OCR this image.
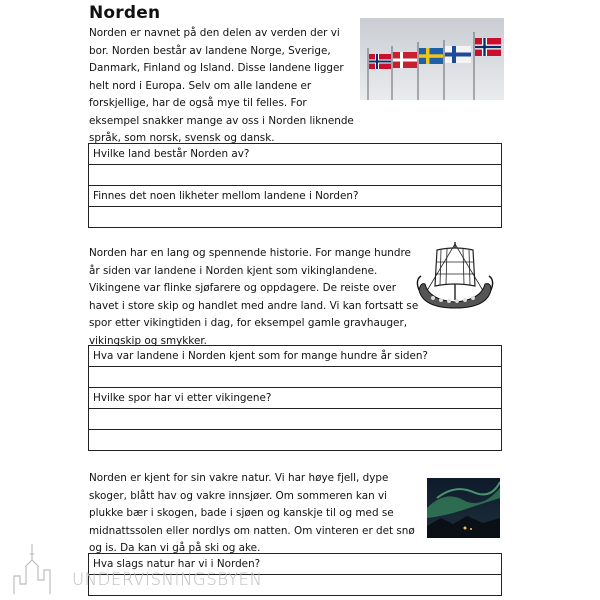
Norden

Norden er navnet på den delen av verden der vi bor. Norden består av landene Norge, Sverige, Danmark, Finland og Island. Disse landene ligger helt nord i Europa. Selv om alle landene er forskjellige, har de også mye til felles. For eksempel snakker mange av oss i Norden liknende språk, som norsk, svensk og dansk.

Hvilke land består Norden av?
Finnes det noen likheter mellom landene i Norden?

Norden har en lang og spennende historie. For mange hundre år siden var landene i Norden kjent som vikinglandene. Vikingene var flinke sjøfarere og oppdagere. De reiste over havet i store skip og handlet med andre land. Vi kan fortsatt se spor etter vikingtiden i dag, for eksempel gamle gravhauger, vikingskip og smykker.

Hva var landene i Norden kjent som for mange hundre år siden?
Hvilke spor har vi etter vikingene?

Norden er kjent for sin vakre natur. Vi har høye fjell, dype skoger, blått hav og vakre innsjøer. Om sommeren kan vi plukke bær i skogen, bade i sjøen og kanskje til og med se midnattssolen eller nordlys om natten. Om vinteren er det snø og is. Da kan vi gå på ski og ake.

Hva slags natur har vi i Norden?
UNDERVISNINGSBYEN
